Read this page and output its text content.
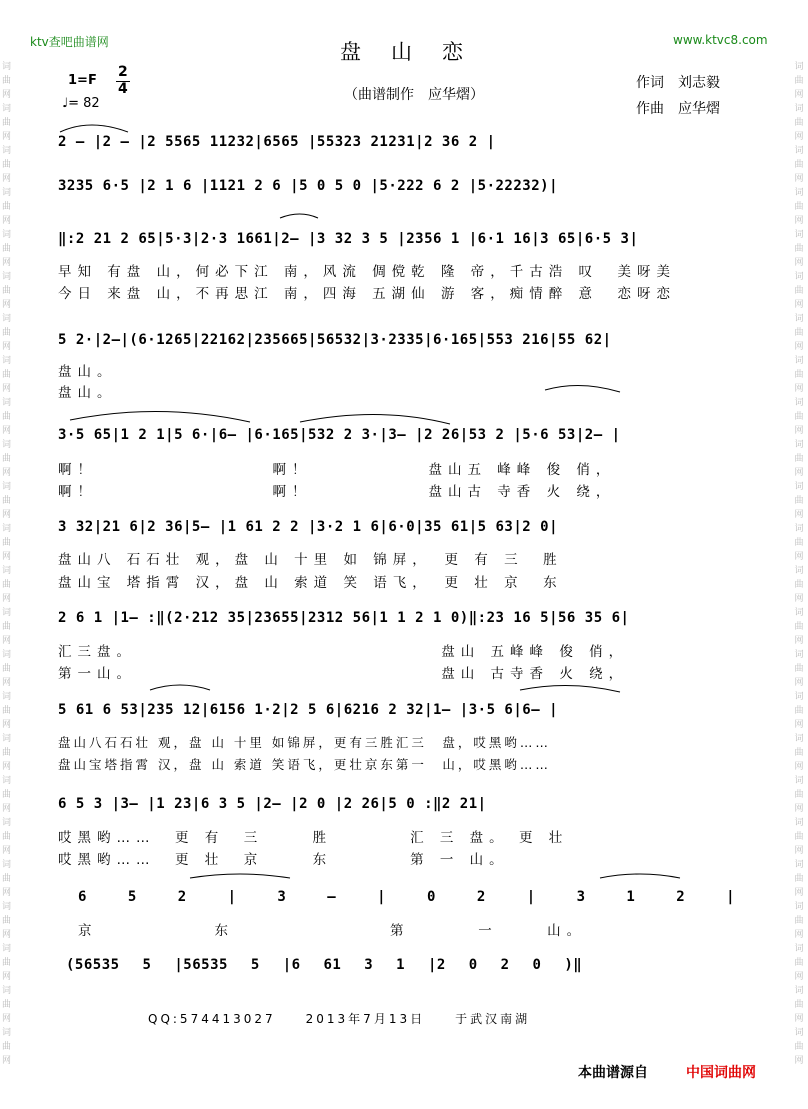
词曲网词曲网词曲网词曲网词曲网词曲网词曲网词曲网词曲网词曲网词曲网词曲网词曲网词曲网词曲网词曲网词曲网词曲网词曲网词曲网词曲网词曲网词曲网词曲网
词曲网词曲网词曲网词曲网词曲网词曲网词曲网词曲网词曲网词曲网词曲网词曲网词曲网词曲网词曲网词曲网词曲网词曲网词曲网词曲网词曲网词曲网词曲网词曲网
ktv查吧曲谱网	www.ktvc8.com
盘山恋
1=F
2
4
♩= 82
（曲谱制作　应华熠）
作词　刘志毅
作曲　应华熠
2 — |2 — |2 5565 11232|6565 |55323 21231|2 36 2 |
3235 6·5 |2 1 6 |1121 2 6 |5 0 5 0 |5·222 6 2 |5·22232)|
‖:2 21 2 65|5·3|2·3 1661|2— |3 32 3 5 |2356 1 |6·1 16|3 65|6·5 3|
早知 有盘 山，何必下江 南，风流 倜傥乾 隆 帝，千古浩 叹　美呀美
今日 来盘 山，不再思江 南，四海 五湖仙 游 客，痴情醉 意　恋呀恋
5 2·|2—|(6·1265|22162|235665|56532|3·2335|6·165|553 216|55 62|
盘山。
盘山。
3·5 65|1 2 1|5 6·|6— |6·165|532 2 3·|3— |2 26|53 2 |5·6 53|2— |
啊！　　　　　　　　　啊！　　　　　　盘山五 峰峰 俊 俏，
啊！　　　　　　　　　啊！　　　　　　盘山古 寺香 火 绕，
3 32|21 6|2 36|5— |1 61 2 2 |3·2 1 6|6·0|35 61|5 63|2 0|
盘山八 石石壮 观，盘 山 十里 如 锦屏，　更 有 三　胜
盘山宝 塔指霄 汉，盘 山 索道 笑 语飞，　更 壮 京　东
2 6 1 |1— :‖(2·212 35|23655|2312 56|1 1 2 1 0)‖:23 16 5|56 35 6|
汇三盘。　　　　　　　　　　　　　　　　盘山 五峰峰 俊 俏，
第一山。　　　　　　　　　　　　　　　　盘山 古寺香 火 绕，
5 61 6 53|235 12|6156 1·2|2 5 6|6216 2 32|1— |3·5 6|6— |
盘山八石石壮 观，盘 山 十里 如锦屏，更有三胜汇三　盘，哎黑哟……
盘山宝塔指霄 汉，盘 山 索道 笑语飞，更壮京东第一　山，哎黑哟……
6 5 3 |3— |1 23|6 3 5 |2— |2 0 |2 26|5 0 :‖2 21|
哎黑哟……　更 有　三　　 胜　　　　汇 三 盘。 更 壮
哎黑哟……　更 壮　京　　 东　　　　第 一 山。
6 5 2 | 3 — | 0 2 | 3 1 2 |
京　　　　　　东　　　　　　　　第　　　 一　　 山。
(56535 5 |56535 5 |6 61 3 1 |2 0 2 0 )‖
QQ:574413027　　2013年7月13日　　于武汉南湖
本曲谱源自	中国词曲网
